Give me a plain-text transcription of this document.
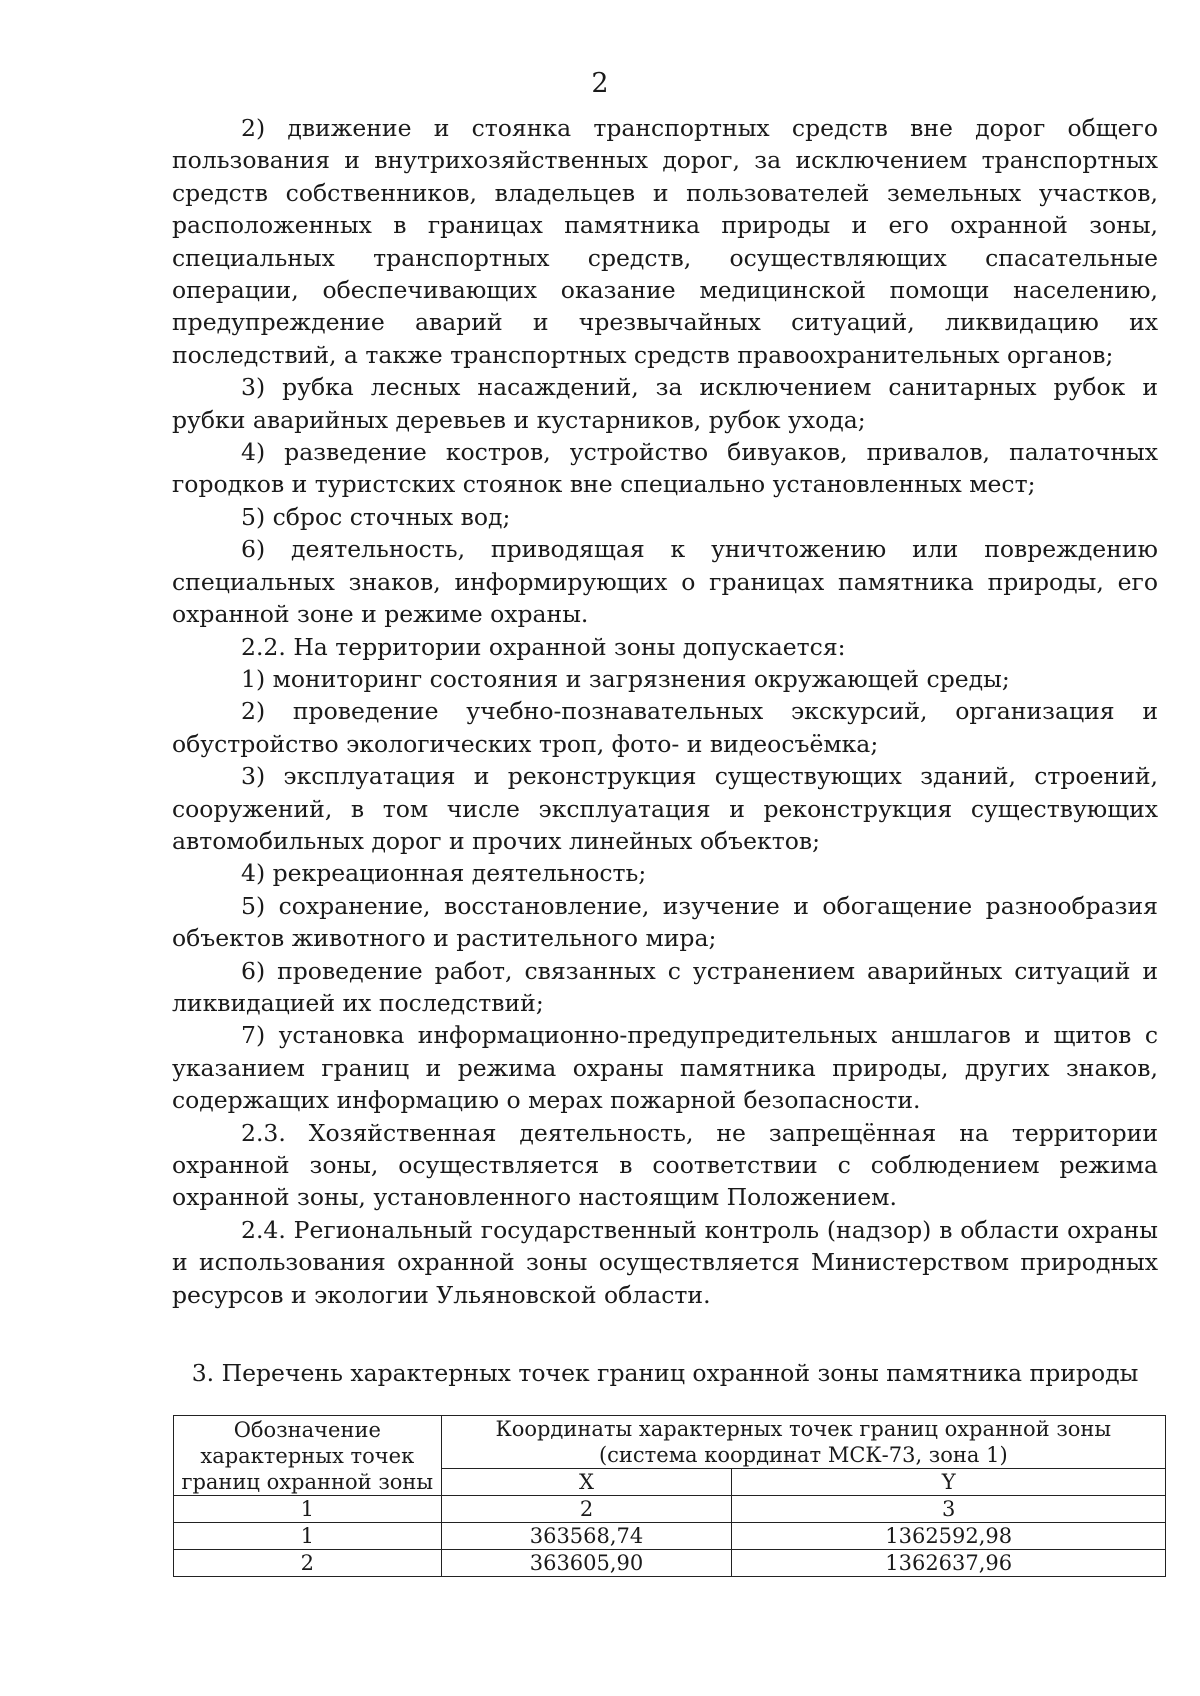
2

2) движение и стоянка транспортных средств вне дорог общего пользования и внутрихозяйственных дорог, за исключением транспортных средств собственников, владельцев и пользователей земельных участков, расположенных в границах памятника природы и его охранной зоны, специальных транспортных средств, осуществляющих спасательные операции, обеспечивающих оказание медицинской помощи населению, предупреждение аварий и чрезвычайных ситуаций, ликвидацию их последствий, а также транспортных средств правоохранительных органов;

3) рубка лесных насаждений, за исключением санитарных рубок и рубки аварийных деревьев и кустарников, рубок ухода;

4) разведение костров, устройство бивуаков, привалов, палаточных городков и туристских стоянок вне специально установленных мест;

5) сброс сточных вод;

6) деятельность, приводящая к уничтожению или повреждению специальных знаков, информирующих о границах памятника природы, его охранной зоне и режиме охраны.

2.2. На территории охранной зоны допускается:

1) мониторинг состояния и загрязнения окружающей среды;

2) проведение учебно-познавательных экскурсий, организация и обустройство экологических троп, фото- и видеосъёмка;

3) эксплуатация и реконструкция существующих зданий, строений, сооружений, в том числе эксплуатация и реконструкция существующих автомобильных дорог и прочих линейных объектов;

4) рекреационная деятельность;

5) сохранение, восстановление, изучение и обогащение разнообразия объектов животного и растительного мира;

6) проведение работ, связанных с устранением аварийных ситуаций и ликвидацией их последствий;

7) установка информационно-предупредительных аншлагов и щитов с указанием границ и режима охраны памятника природы, других знаков, содержащих информацию о мерах пожарной безопасности.

2.3. Хозяйственная деятельность, не запрещённая на территории охранной зоны, осуществляется в соответствии с соблюдением режима охранной зоны, установленного настоящим Положением.

2.4. Региональный государственный контроль (надзор) в области охраны и использования охранной зоны осуществляется Министерством природных ресурсов и экологии Ульяновской области.

3. Перечень характерных точек границ охранной зоны памятника природы
Обозначение характерных точек границ охранной зоны	Координаты характерных точек границ охранной зоны (система координат МСК-73, зона 1)	
	X	Y
1	2	3
1	363568,74	1362592,98
2	363605,90	1362637,96
